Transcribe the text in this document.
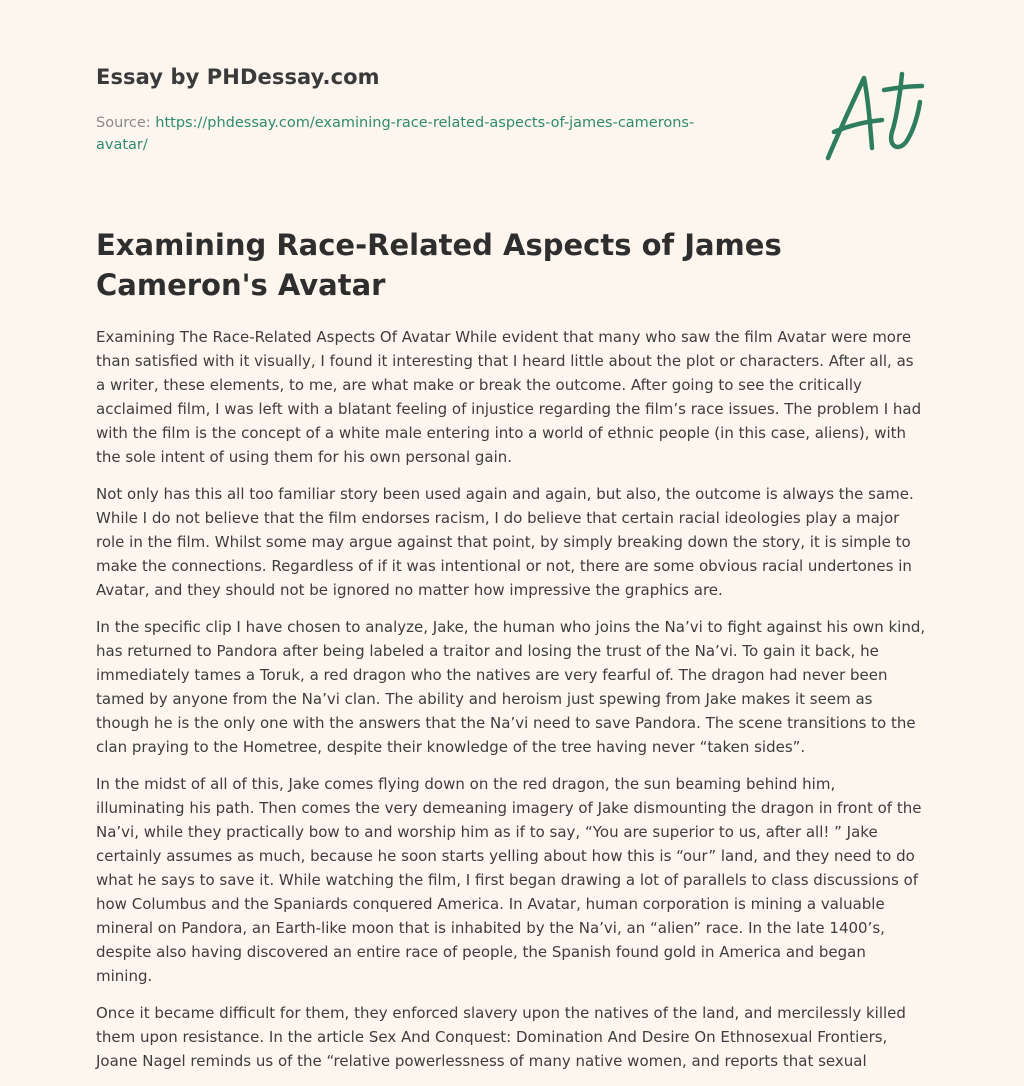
Essay by PHDessay.com
Source: https://phdessay.com/examining-race-related-aspects-of-james-camerons-avatar/
Examining Race-Related Aspects of James Cameron's Avatar

Examining The Race-Related Aspects Of Avatar While evident that many who saw the film Avatar were more than satisfied with it visually, I found it interesting that I heard little about the plot or characters. After all, as a writer, these elements, to me, are what make or break the outcome. After going to see the critically acclaimed film, I was left with a blatant feeling of injustice regarding the film’s race issues. The problem I had with the film is the concept of a white male entering into a world of ethnic people (in this case, aliens), with the sole intent of using them for his own personal gain.

Not only has this all too familiar story been used again and again, but also, the outcome is always the same. While I do not believe that the film endorses racism, I do believe that certain racial ideologies play a major role in the film. Whilst some may argue against that point, by simply breaking down the story, it is simple to make the connections. Regardless of if it was intentional or not, there are some obvious racial undertones in Avatar, and they should not be ignored no matter how impressive the graphics are.

In the specific clip I have chosen to analyze, Jake, the human who joins the Na’vi to fight against his own kind, has returned to Pandora after being labeled a traitor and losing the trust of the Na’vi. To gain it back, he immediately tames a Toruk, a red dragon who the natives are very fearful of. The dragon had never been tamed by anyone from the Na’vi clan. The ability and heroism just spewing from Jake makes it seem as though he is the only one with the answers that the Na’vi need to save Pandora. The scene transitions to the clan praying to the Hometree, despite their knowledge of the tree having never “taken sides”.

In the midst of all of this, Jake comes flying down on the red dragon, the sun beaming behind him, illuminating his path. Then comes the very demeaning imagery of Jake dismounting the dragon in front of the Na’vi, while they practically bow to and worship him as if to say, “You are superior to us, after all! ” Jake certainly assumes as much, because he soon starts yelling about how this is “our” land, and they need to do what he says to save it. While watching the film, I first began drawing a lot of parallels to class discussions of how Columbus and the Spaniards conquered America. In Avatar, human corporation is mining a valuable mineral on Pandora, an Earth-like moon that is inhabited by the Na’vi, an “alien” race. In the late 1400’s, despite also having discovered an entire race of people, the Spanish found gold in America and began mining.

Once it became difficult for them, they enforced slavery upon the natives of the land, and mercilessly killed them upon resistance. In the article Sex And Conquest: Domination And Desire On Ethnosexual Frontiers, Joane Nagel reminds us of the “relative powerlessness of many native women, and reports that sexual
